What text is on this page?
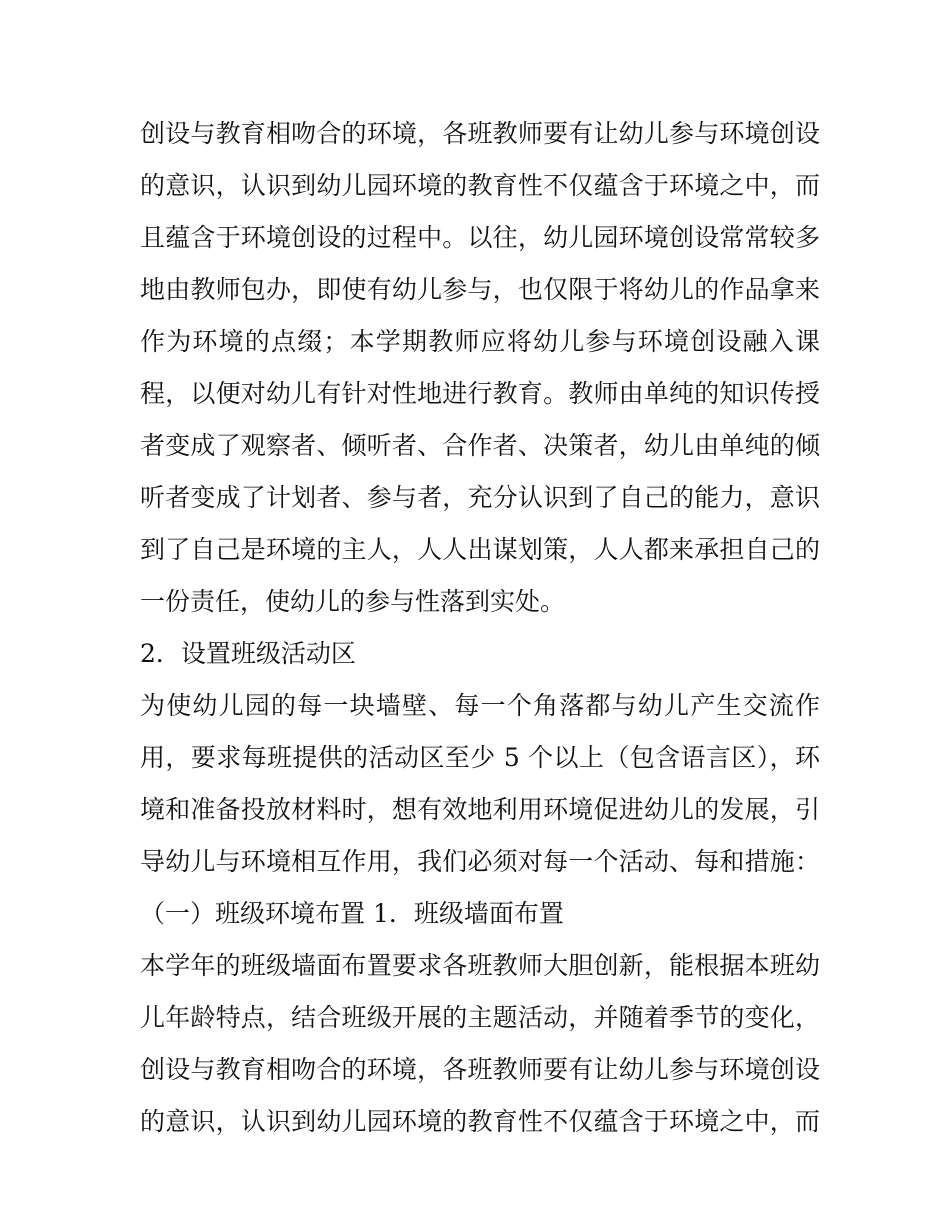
创设与教育相吻合的环境，各班教师要有让幼儿参与环境创设
的意识，认识到幼儿园环境的教育性不仅蕴含于环境之中，而
且蕴含于环境创设的过程中。以往，幼儿园环境创设常常较多
地由教师包办，即使有幼儿参与，也仅限于将幼儿的作品拿来
作为环境的点缀；本学期教师应将幼儿参与环境创设融入课
程，以便对幼儿有针对性地进行教育。教师由单纯的知识传授
者变成了观察者、倾听者、合作者、决策者，幼儿由单纯的倾
听者变成了计划者、参与者，充分认识到了自己的能力，意识
到了自己是环境的主人，人人出谋划策，人人都来承担自己的
一份责任，使幼儿的参与性落到实处。
2．设置班级活动区
为使幼儿园的每一块墙壁、每一个角落都与幼儿产生交流作
用，要求每班提供的活动区至少 5 个以上（包含语言区），环
境和准备投放材料时，想有效地利用环境促进幼儿的发展，引
导幼儿与环境相互作用，我们必须对每一个活动、每和措施：
（一）班级环境布置 1．班级墙面布置
本学年的班级墙面布置要求各班教师大胆创新，能根据本班幼
儿年龄特点，结合班级开展的主题活动，并随着季节的变化，
创设与教育相吻合的环境，各班教师要有让幼儿参与环境创设
的意识，认识到幼儿园环境的教育性不仅蕴含于环境之中，而
